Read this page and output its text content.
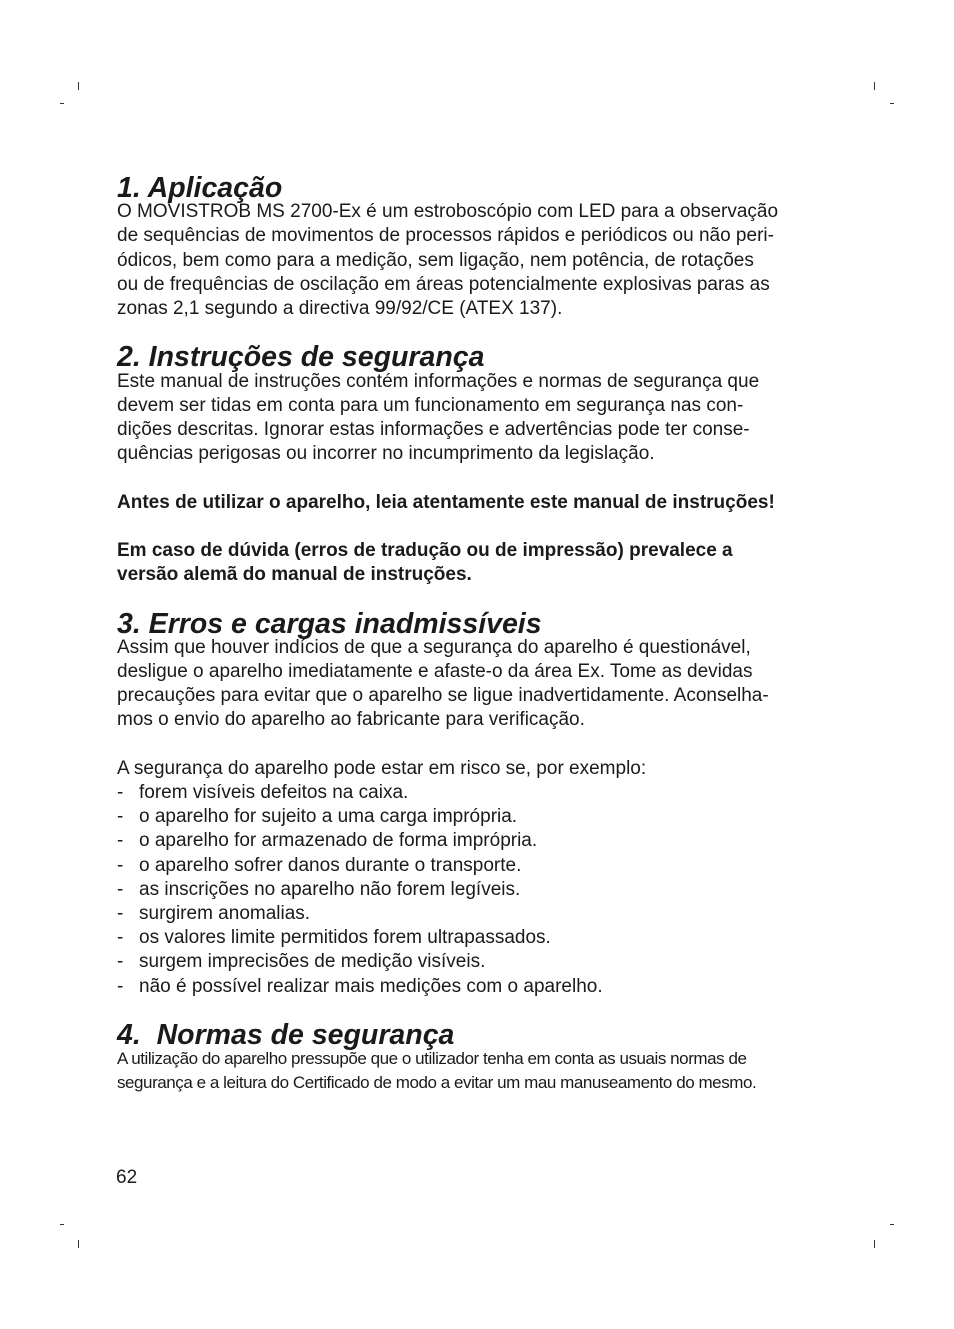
1. Aplicação

O MOVISTROB MS 2700-Ex é um estroboscópio com LED para a observação
de sequências de movimentos de processos rápidos e periódicos ou não peri-
ódicos, bem como para a medição, sem ligação, nem potência, de rotações
ou de frequências de oscilação em áreas potencialmente explosivas paras as
zonas 2,1 segundo a directiva 99/92/CE (ATEX 137).

2. Instruções de segurança

Este manual de instruções contém informações e normas de segurança que
devem ser tidas em conta para um funcionamento em segurança nas con-
dições descritas. Ignorar estas informações e advertências pode ter conse-
quências perigosas ou incorrer no incumprimento da legislação.

Antes de utilizar o aparelho, leia atentamente este manual de instruções!

Em caso de dúvida (erros de tradução ou de impressão) prevalece a
versão alemã do manual de instruções.

3. Erros e cargas inadmissíveis

Assim que houver indícios de que a segurança do aparelho é questionável,
desligue o aparelho imediatamente e afaste-o da área Ex. Tome as devidas
precauções para evitar que o aparelho se ligue inadvertidamente. Aconselha-
mos o envio do aparelho ao fabricante para verificação.

A segurança do aparelho pode estar em risco se, por exemplo:

- forem visíveis defeitos na caixa.
- o aparelho for sujeito a uma carga imprópria.
- o aparelho for armazenado de forma imprópria.
- o aparelho sofrer danos durante o transporte.
- as inscrições no aparelho não forem legíveis.
- surgirem anomalias.
- os valores limite permitidos forem ultrapassados.
- surgem imprecisões de medição visíveis.
- não é possível realizar mais medições com o aparelho.
4.  Normas de segurança

A utilização do aparelho pressupõe que o utilizador tenha em conta as usuais normas de
segurança e a leitura do Certificado de modo a evitar um mau manuseamento do mesmo.

62
